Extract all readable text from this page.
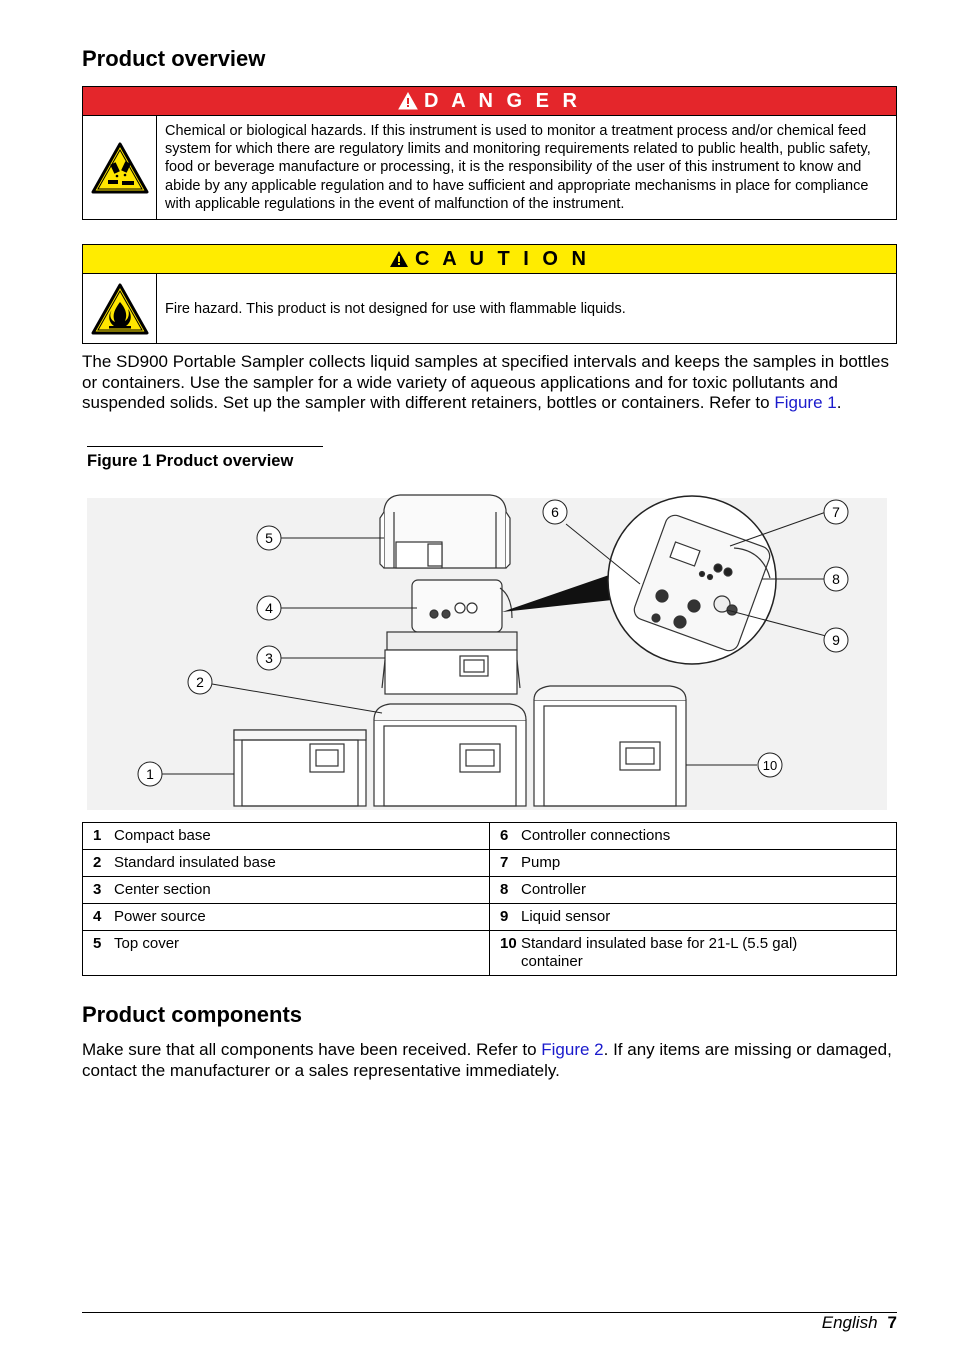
Product overview
D A N G E R
Chemical or biological hazards. If this instrument is used to monitor a treatment process and/or chemical feed system for which there are regulatory limits and monitoring requirements related to public health, public safety, food or beverage manufacture or processing, it is the responsibility of the user of this instrument to know and abide by any applicable regulation and to have sufficient and appropriate mechanisms in place for compliance with applicable regulations in the event of malfunction of the instrument.
C A U T I O N
Fire hazard. This product is not designed for use with flammable liquids.

The SD900 Portable Sampler collects liquid samples at specified intervals and keeps the samples in bottles or containers. Use the sampler for a wide variety of aqueous applications and for toxic pollutants and suspended solids. Set up the sampler with different retainers, bottles or containers. Refer to Figure 1.

Figure 1 Product overview
5
4
3
2
1
6	7
8
9
10
1 Compact base	6 Controller connections
2 Standard insulated base	7 Pump
3 Center section	8 Controller
4 Power source	9 Liquid sensor
5 Top cover	10 Standard insulated base for 21-L (5.5 gal) container
Product components

Make sure that all components have been received. Refer to Figure 2. If any items are missing or damaged, contact the manufacturer or a sales representative immediately.

English 7
